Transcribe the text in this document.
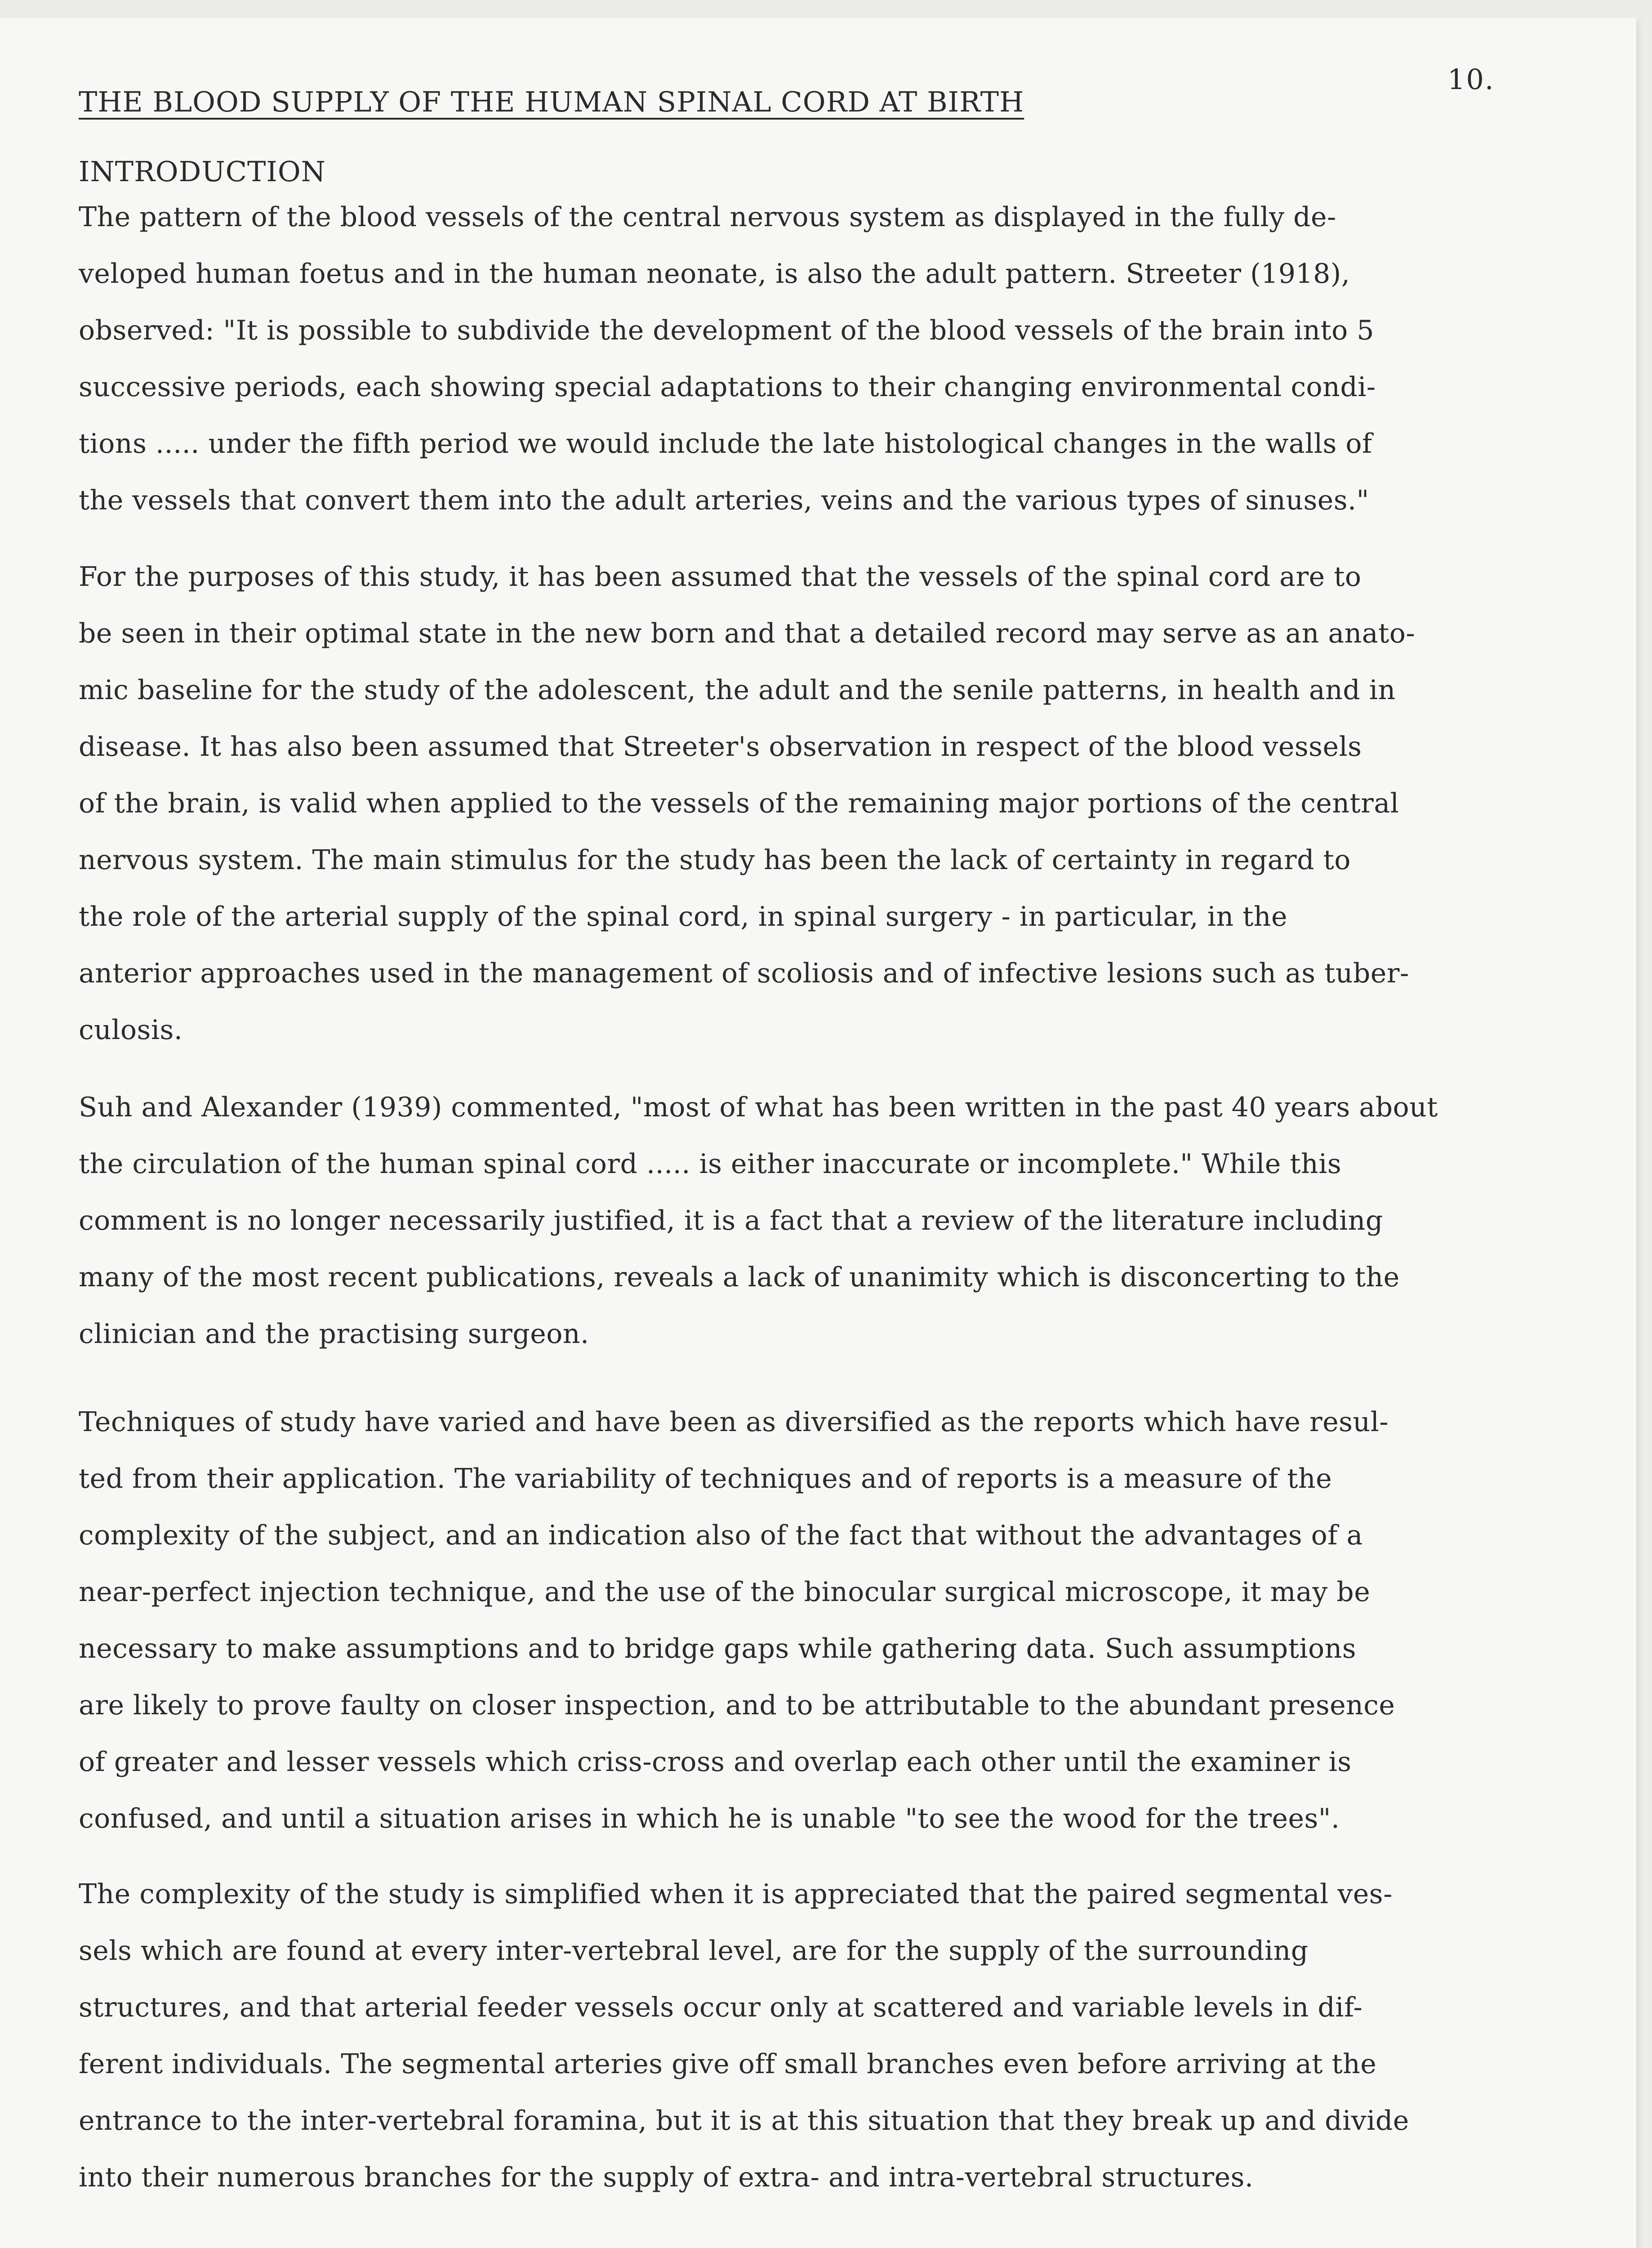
10.
THE BLOOD SUPPLY OF THE HUMAN SPINAL CORD AT BIRTH
INTRODUCTION
The pattern of the blood vessels of the central nervous system as displayed in the fully de-
veloped human foetus and in the human neonate, is also the adult pattern. Streeter (1918),
observed: "It is possible to subdivide the development of the blood vessels of the brain into 5
successive periods, each showing special adaptations to their changing environmental condi-
tions ..... under the fifth period we would include the late histological changes in the walls of
the vessels that convert them into the adult arteries, veins and the various types of sinuses."
For the purposes of this study, it has been assumed that the vessels of the spinal cord are to
be seen in their optimal state in the new born and that a detailed record may serve as an anato-
mic baseline for the study of the adolescent, the adult and the senile patterns, in health and in
disease. It has also been assumed that Streeter's observation in respect of the blood vessels
of the brain, is valid when applied to the vessels of the remaining major portions of the central
nervous system. The main stimulus for the study has been the lack of certainty in regard to
the role of the arterial supply of the spinal cord, in spinal surgery - in particular, in the
anterior approaches used in the management of scoliosis and of infective lesions such as tuber-
culosis.
Suh and Alexander (1939) commented, "most of what has been written in the past 40 years about
the circulation of the human spinal cord ..... is either inaccurate or incomplete." While this
comment is no longer necessarily justified, it is a fact that a review of the literature including
many of the most recent publications, reveals a lack of unanimity which is disconcerting to the
clinician and the practising surgeon.
Techniques of study have varied and have been as diversified as the reports which have resul-
ted from their application. The variability of techniques and of reports is a measure of the
complexity of the subject, and an indication also of the fact that without the advantages of a
near-perfect injection technique, and the use of the binocular surgical microscope, it may be
necessary to make assumptions and to bridge gaps while gathering data. Such assumptions
are likely to prove faulty on closer inspection, and to be attributable to the abundant presence
of greater and lesser vessels which criss-cross and overlap each other until the examiner is
confused, and until a situation arises in which he is unable "to see the wood for the trees".
The complexity of the study is simplified when it is appreciated that the paired segmental ves-
sels which are found at every inter-vertebral level, are for the supply of the surrounding
structures, and that arterial feeder vessels occur only at scattered and variable levels in dif-
ferent individuals. The segmental arteries give off small branches even before arriving at the
entrance to the inter-vertebral foramina, but it is at this situation that they break up and divide
into their numerous branches for the supply of extra- and intra-vertebral structures.
